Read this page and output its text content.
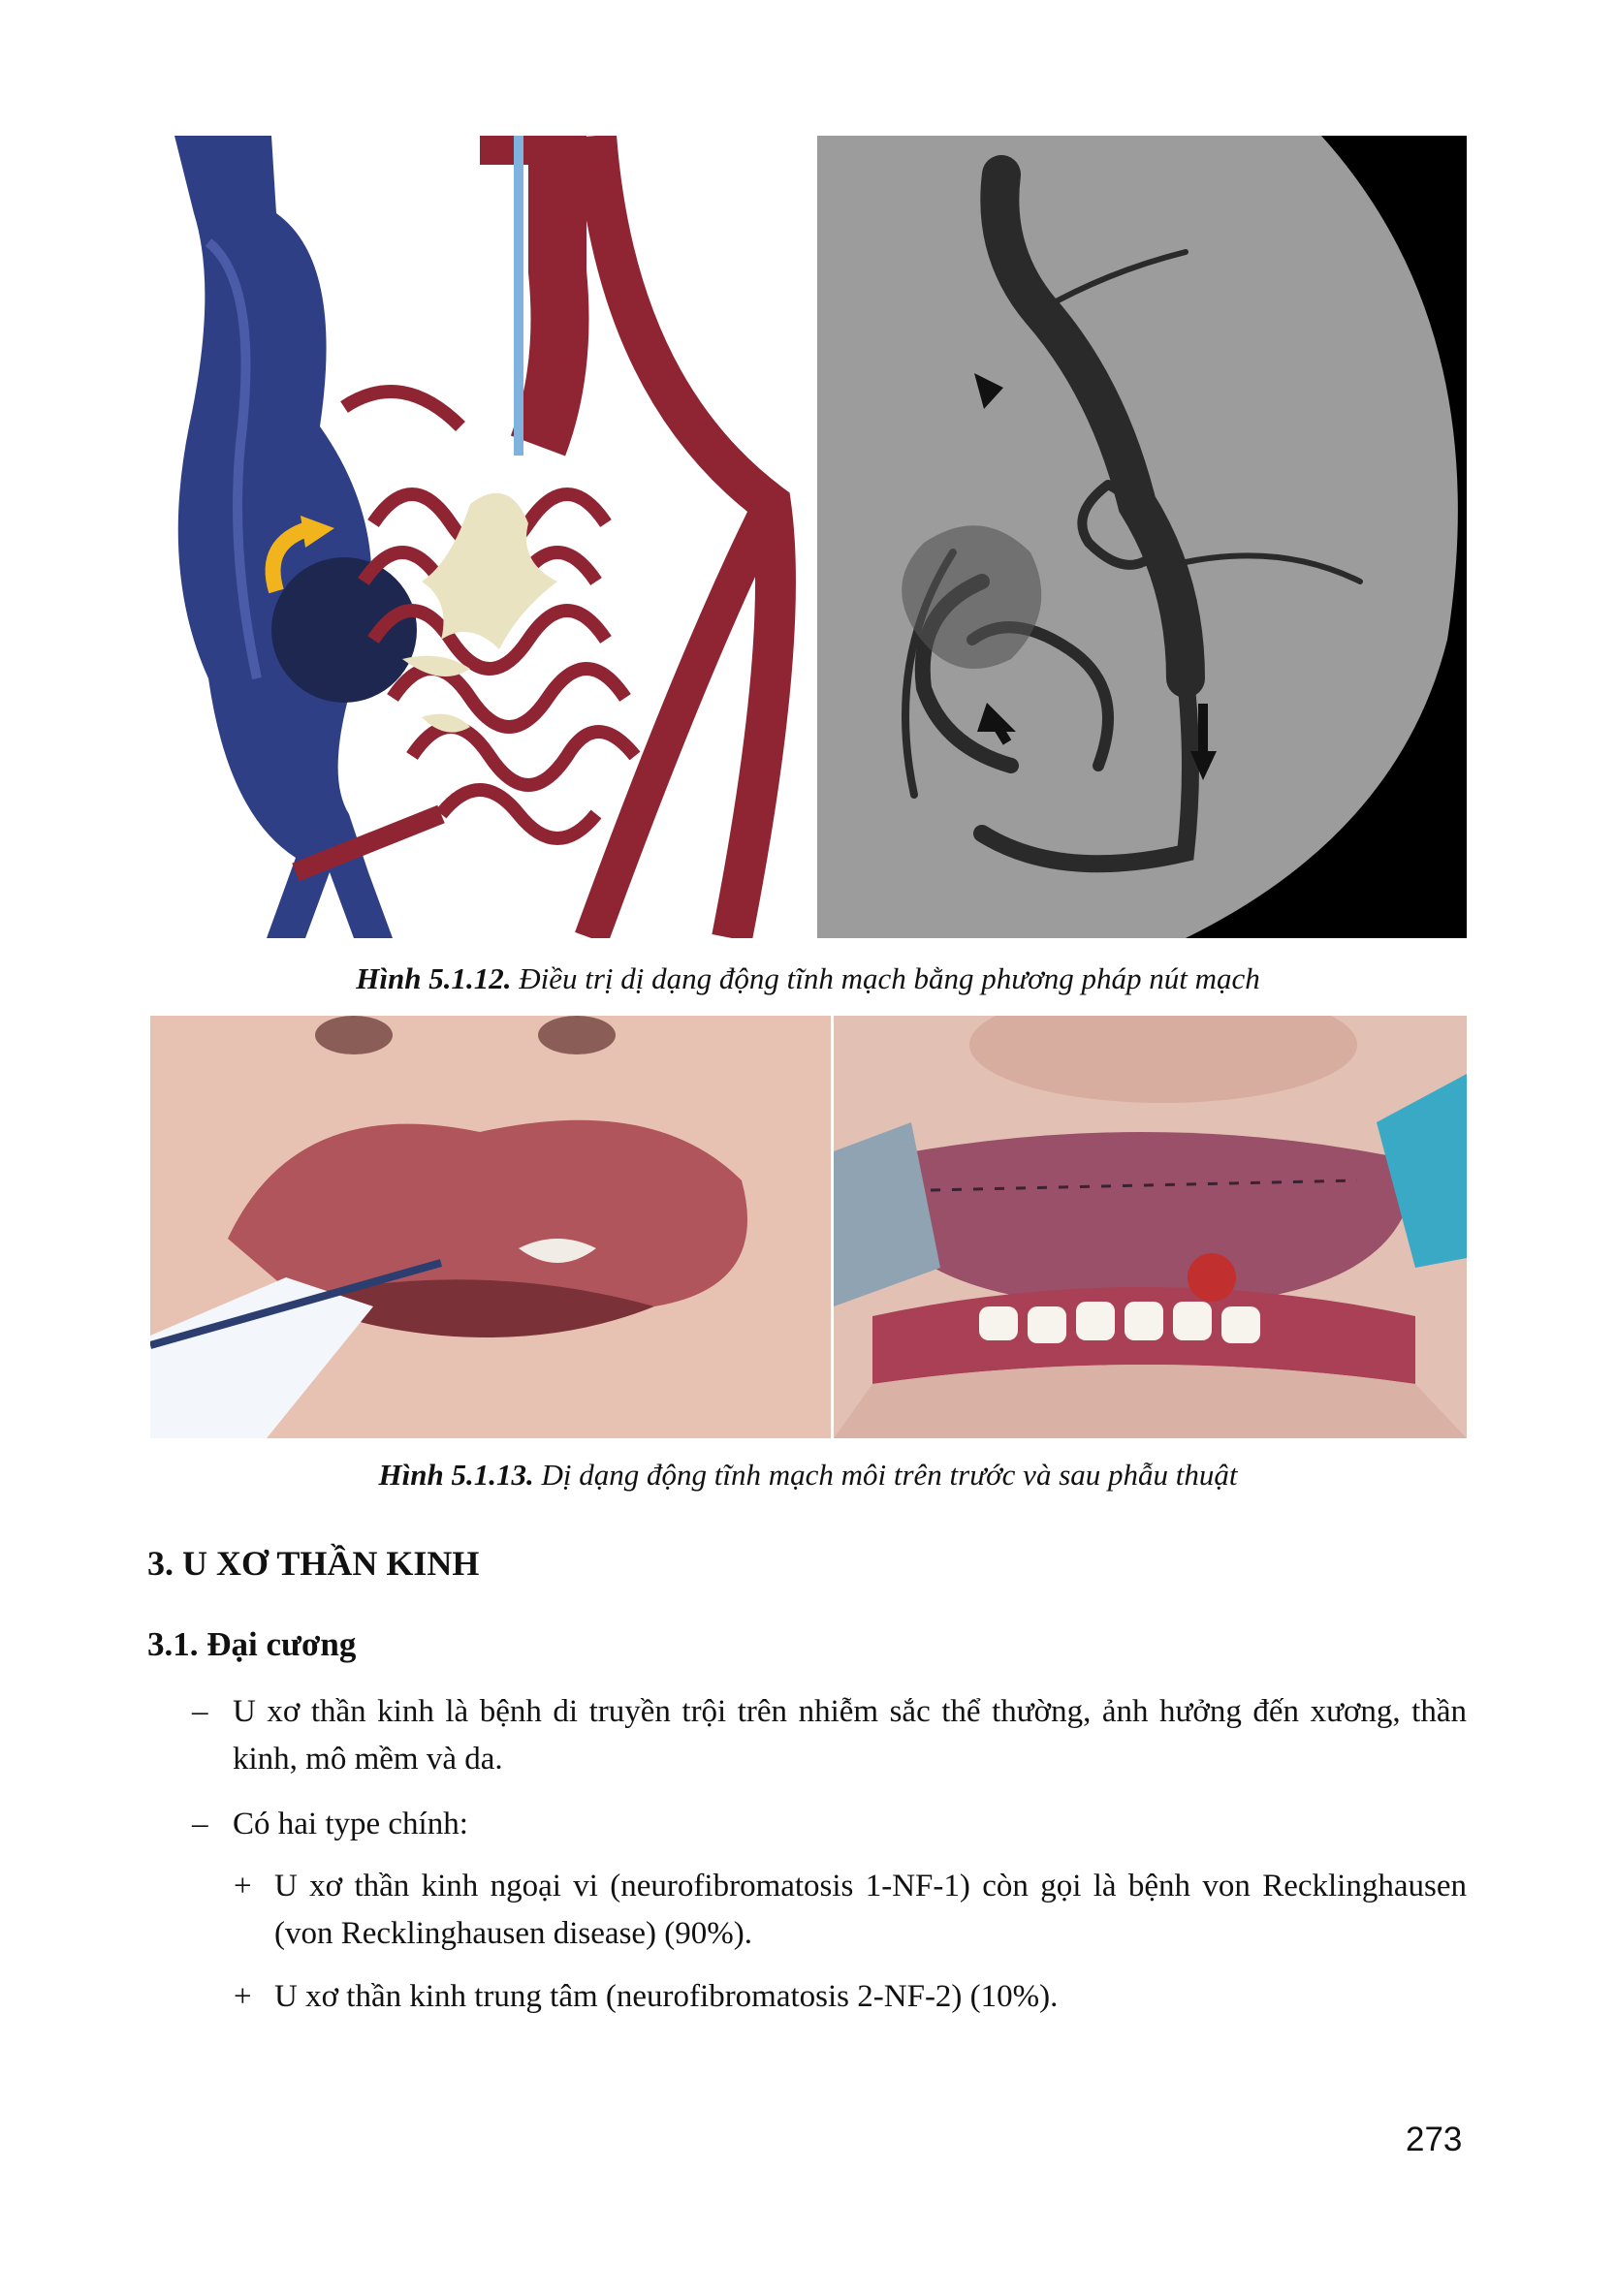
Hình 5.1.12. Điều trị dị dạng động tĩnh mạch bằng phương pháp nút mạch
Hình 5.1.13. Dị dạng động tĩnh mạch môi trên trước và sau phẫu thuật
3. U XƠ THẦN KINH
3.1. Đại cương
– U xơ thần kinh là bệnh di truyền trội trên nhiễm sắc thể thường, ảnh hưởng đến xương, thần kinh, mô mềm và da.
– Có hai type chính:
+ U xơ thần kinh ngoại vi (neurofibromatosis 1-NF-1) còn gọi là bệnh von Recklinghausen (von Recklinghausen disease) (90%).
+ U xơ thần kinh trung tâm (neurofibromatosis 2-NF-2) (10%).
273
